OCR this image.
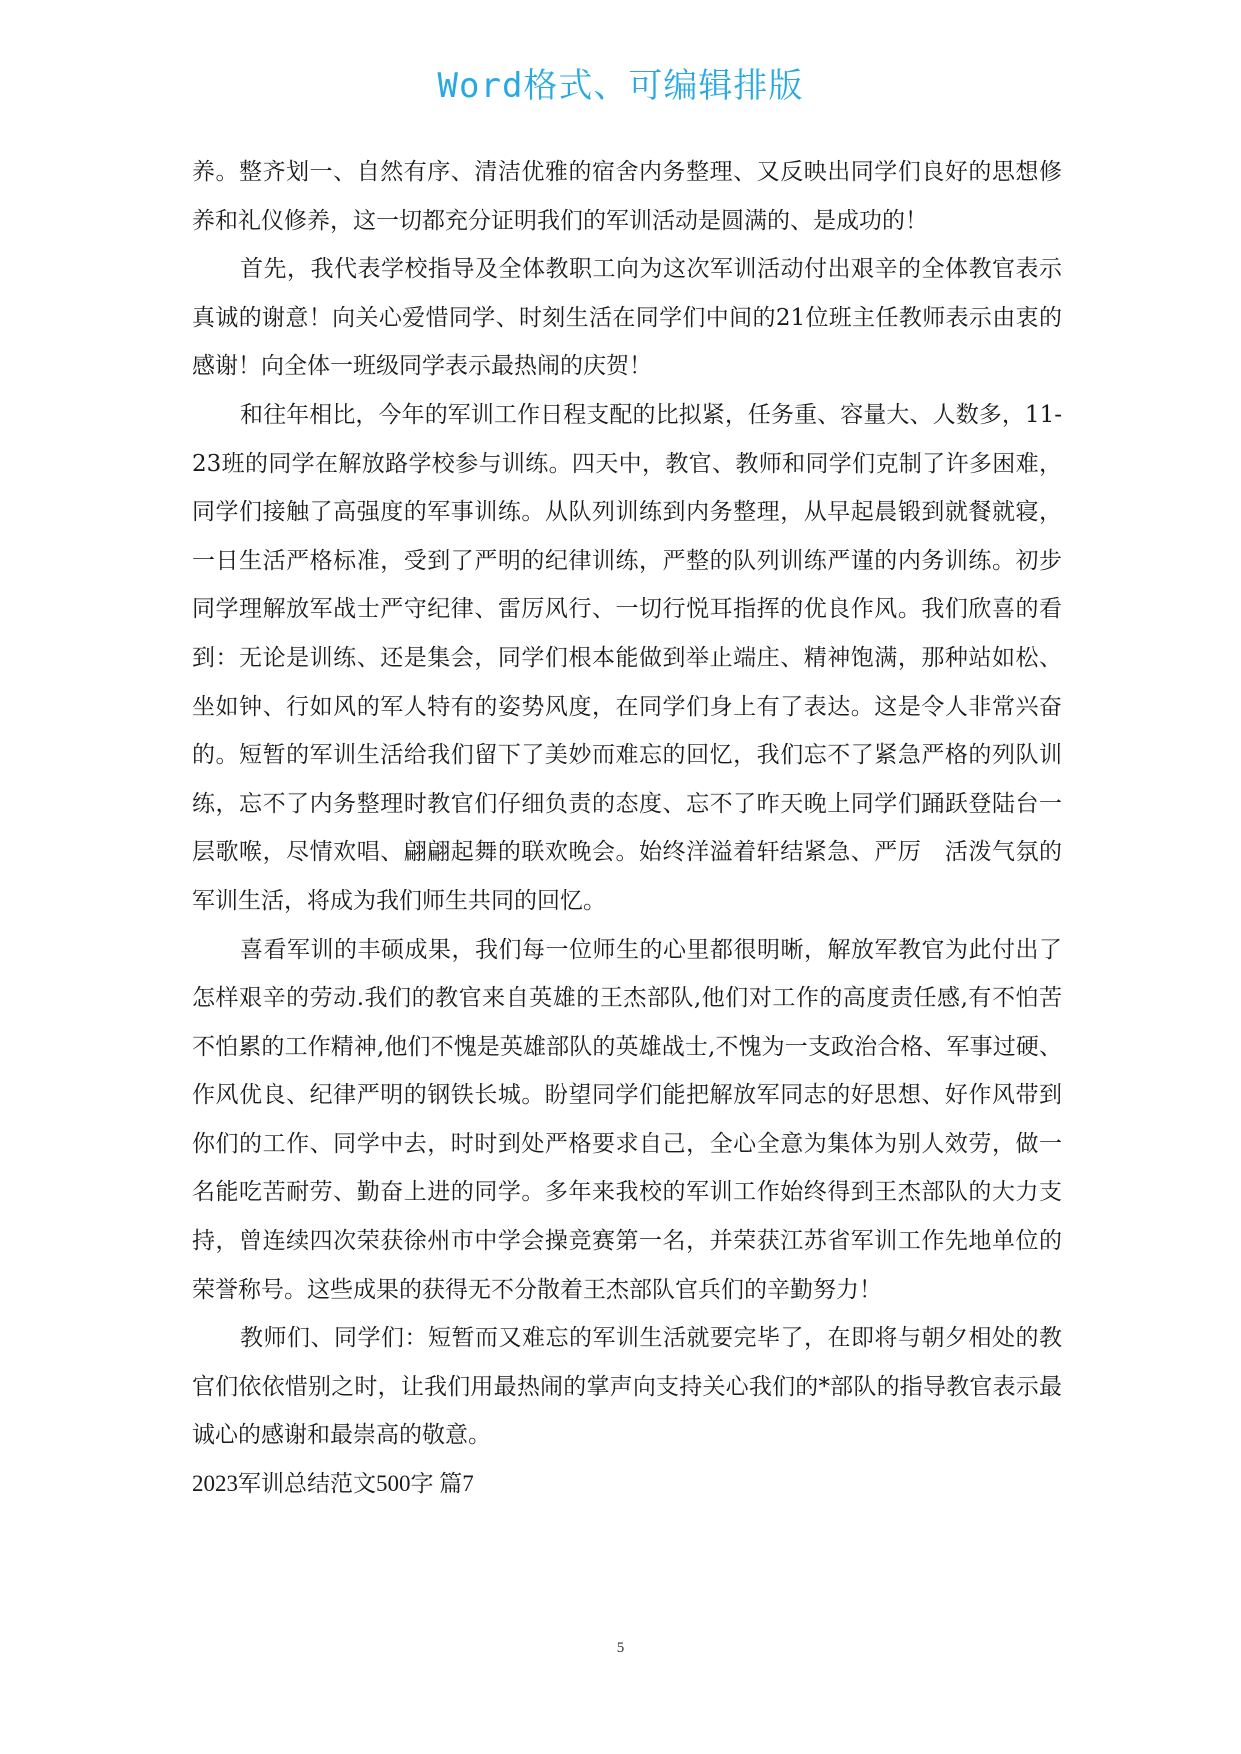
Word格式、可编辑排版

养。整齐划一、自然有序、清洁优雅的宿舍内务整理、又反映出同学们良好的思想修养和礼仪修养，这一切都充分证明我们的军训活动是圆满的、是成功的！

首先，我代表学校指导及全体教职工向为这次军训活动付出艰辛的全体教官表示真诚的谢意！向关心爱惜同学、时刻生活在同学们中间的21位班主任教师表示由衷的感谢！向全体一班级同学表示最热闹的庆贺！

和往年相比，今年的军训工作日程支配的比拟紧，任务重、容量大、人数多，11-23班的同学在解放路学校参与训练。四天中，教官、教师和同学们克制了许多困难，同学们接触了高强度的军事训练。从队列训练到内务整理，从早起晨锻到就餐就寝，一日生活严格标准，受到了严明的纪律训练，严整的队列训练严谨的内务训练。初步同学理解放军战士严守纪律、雷厉风行、一切行悦耳指挥的优良作风。我们欣喜的看到：无论是训练、还是集会，同学们根本能做到举止端庄、精神饱满，那种站如松、坐如钟、行如风的军人特有的姿势风度，在同学们身上有了表达。这是令人非常兴奋的。短暂的军训生活给我们留下了美妙而难忘的回忆，我们忘不了紧急严格的列队训练，忘不了内务整理时教官们仔细负责的态度、忘不了昨天晚上同学们踊跃登陆台一层歌喉，尽情欢唱、翩翩起舞的联欢晚会。始终洋溢着轩结紧急、严厉　活泼气氛的军训生活，将成为我们师生共同的回忆。

喜看军训的丰硕成果，我们每一位师生的心里都很明晰，解放军教官为此付出了怎样艰辛的劳动.我们的教官来自英雄的王杰部队,他们对工作的高度责任感,有不怕苦不怕累的工作精神,他们不愧是英雄部队的英雄战士,不愧为一支政治合格、军事过硬、作风优良、纪律严明的钢铁长城。盼望同学们能把解放军同志的好思想、好作风带到你们的工作、同学中去，时时到处严格要求自己，全心全意为集体为别人效劳，做一名能吃苦耐劳、勤奋上进的同学。多年来我校的军训工作始终得到王杰部队的大力支持，曾连续四次荣获徐州市中学会操竞赛第一名，并荣获江苏省军训工作先地单位的荣誉称号。这些成果的获得无不分散着王杰部队官兵们的辛勤努力！

教师们、同学们：短暂而又难忘的军训生活就要完毕了，在即将与朝夕相处的教官们依依惜别之时，让我们用最热闹的掌声向支持关心我们的*部队的指导教官表示最诚心的感谢和最崇高的敬意。

2023军训总结范文500字 篇7

5
